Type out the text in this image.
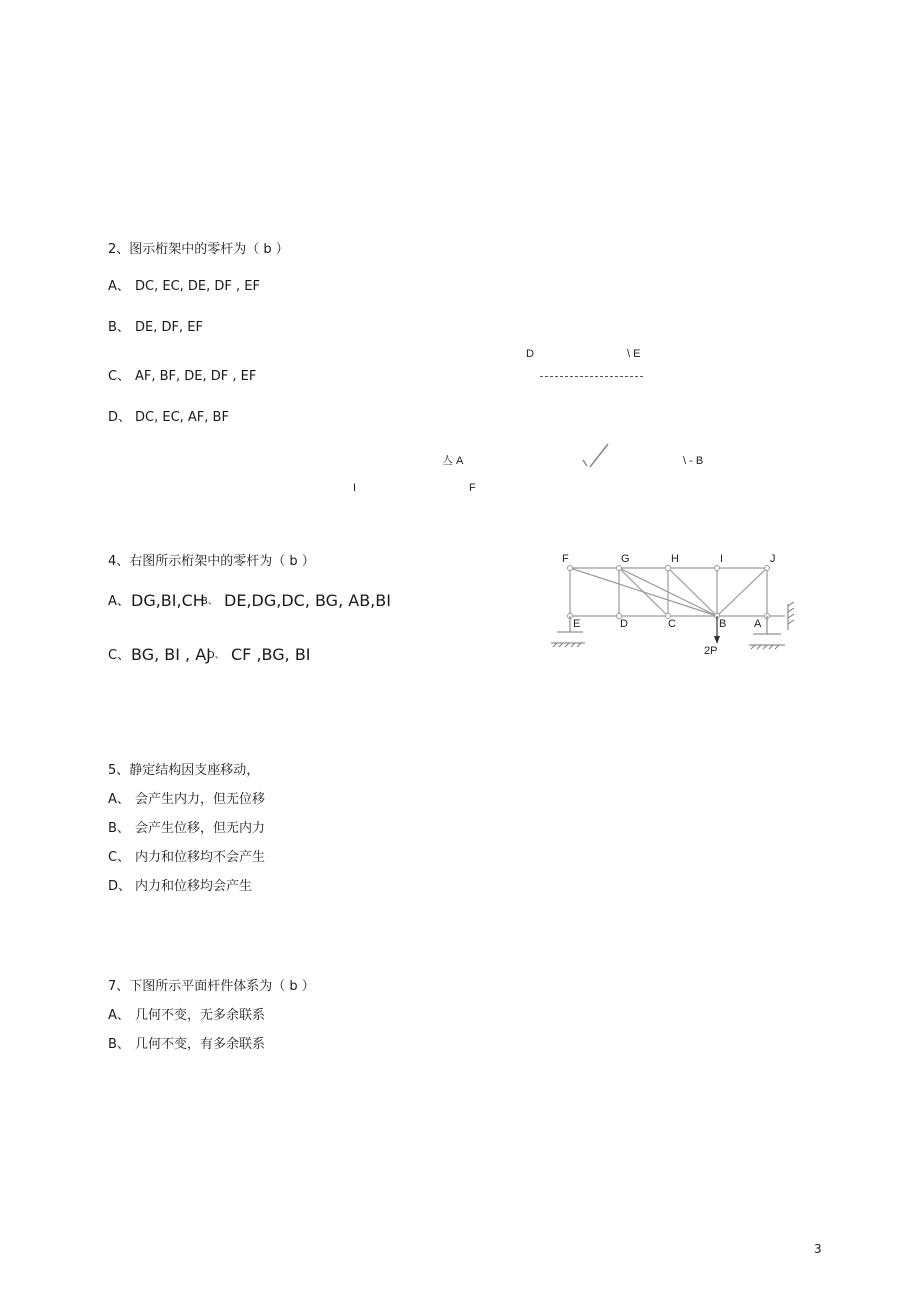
2、图示桁架中的零杆为（ b ）
A、 DC, EC, DE, DF , EF
B、 DE, DF, EF
C、 AF, BF, DE, DF , EF
D、 DC, EC, AF, BF
D	\ E
亼 A	\ - B
I	F
4、右图所示桁架中的零杆为（ b ）
A、 DG,BI,CH
B、 DE,DG,DC, BG, AB,BI
C、 BG, BI , AJ
D、 CF ,BG, BI
F	G	H	I	J
E	D	C	B	A
2P
5、静定结构因支座移动，
A、 会产生内力，但无位移
B、 会产生位移，但无内力
C、 内力和位移均不会产生
D、 内力和位移均会产生
7、下图所示平面杆件体系为（ b ）
A、 几何不变，无多余联系
B、 几何不变，有多余联系
3
